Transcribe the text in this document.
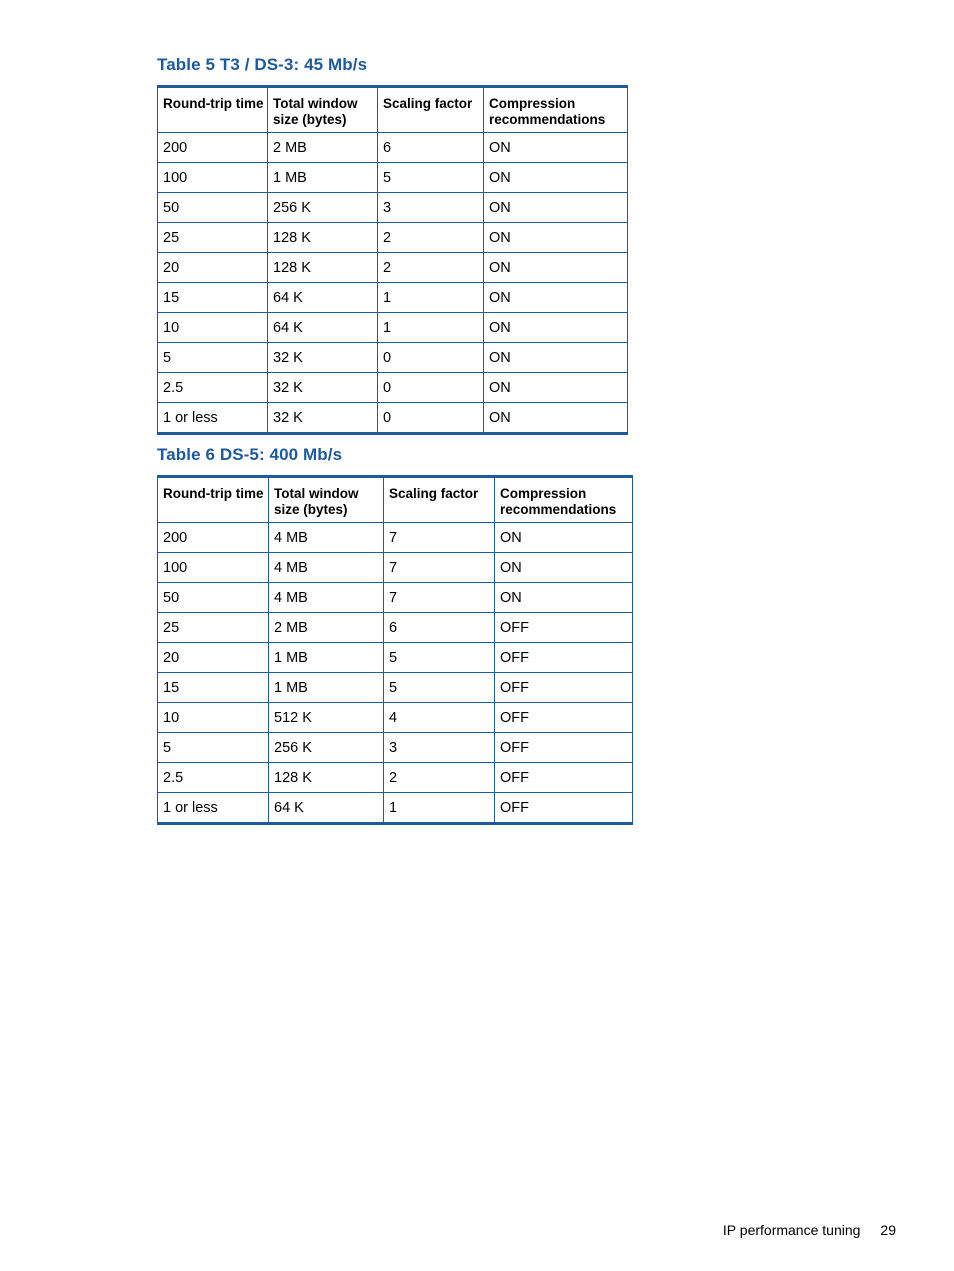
Table 5 T3 / DS-3: 45 Mb/s
Round-trip time	Total window size (bytes)	Scaling factor	Compression recommendations
200	2 MB	6	ON
100	1 MB	5	ON
50	256 K	3	ON
25	128 K	2	ON
20	128 K	2	ON
15	64 K	1	ON
10	64 K	1	ON
5	32 K	0	ON
2.5	32 K	0	ON
1 or less	32 K	0	ON
Table 6 DS-5: 400 Mb/s
Round-trip time	Total window size (bytes)	Scaling factor	Compression recommendations
200	4 MB	7	ON
100	4 MB	7	ON
50	4 MB	7	ON
25	2 MB	6	OFF
20	1 MB	5	OFF
15	1 MB	5	OFF
10	512 K	4	OFF
5	256 K	3	OFF
2.5	128 K	2	OFF
1 or less	64 K	1	OFF
IP performance tuning 29
